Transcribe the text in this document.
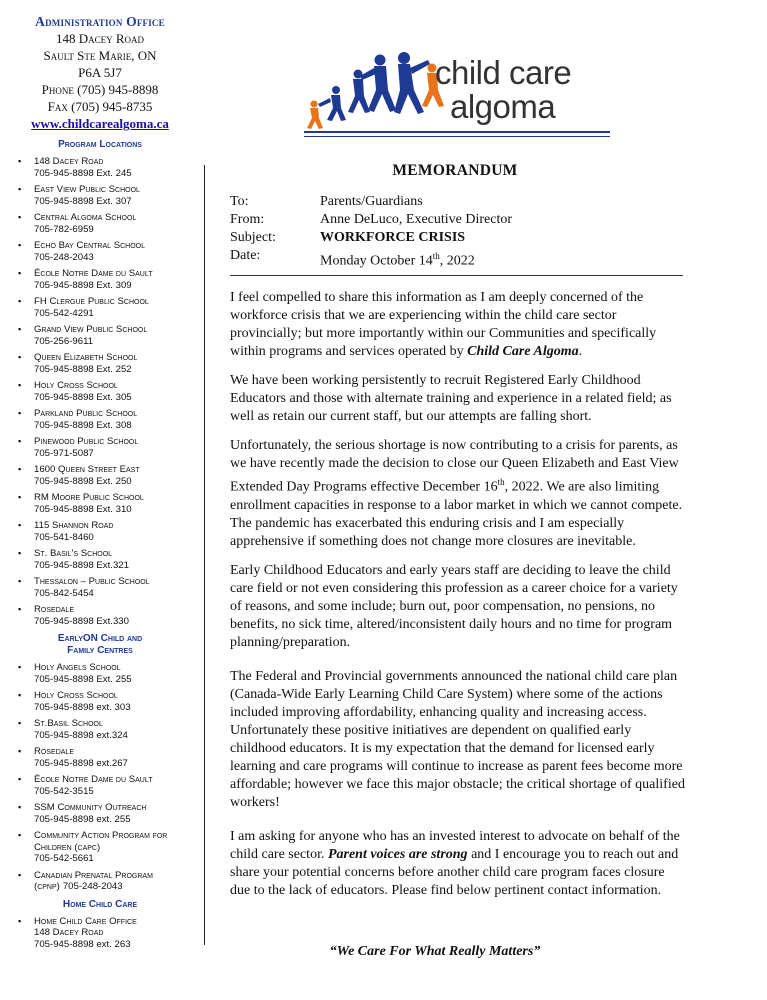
Administration Office
148 Dacey Road
Sault Ste Marie, ON
P6A 5J7
Phone (705) 945-8898
Fax (705) 945-8735
www.childcarealgoma.ca
Program Locations
▪ 148 Dacey Road
705-945-8898 Ext. 245
▪ East View Public School
705-945-8898 Ext. 307
▪ Central Algoma School
705-782-6959
▪ Echo Bay Central School
705-248-2043
▪ École Notre Dame du Sault
705-945-8898 Ext. 309
▪ FH Clergue Public School
705-542-4291
▪ Grand View Public School
705-256-9611
▪ Queen Elizabeth School
705-945-8898 Ext. 252
▪ Holy Cross School
705-945-8898 Ext. 305
▪ Parkland Public School
705-945-8898 Ext. 308
▪ Pinewood Public School
705-971-5087
▪ 1600 Queen Street East
705-945-8898 Ext. 250
▪ RM Moore Public School
705-945-8898 Ext. 310
▪ 115 Shannon Road
705-541-8460
▪ St. Basil's School
705-945-8898 Ext.321
▪ Thessalon – Public School
705-842-5454
▪ Rosedale
705-945-8898 Ext.330
EarlyON Child and
Family Centres
▪ Holy Angels School
705-945-8898 Ext. 255
▪ Holy Cross School
705-945-8898 ext. 303
▪ St.Basil School
705-945-8898 ext.324
▪ Rosedale
705-945-8898 ext.267
▪ École Notre Dame du Sault
705-542-3515
▪ SSM Community Outreach
705-945-8898 ext. 255
▪ Community Action Program for Children (capc)
705-542-5661
▪ Canadian Prenatal Program (cpnp) 705-248-2043
Home Child Care
▪ Home Child Care Office
148 Dacey Road
705-945-8898 ext. 263
child care
algoma
MEMORANDUM
To:	Parents/Guardians
From:	Anne DeLuco, Executive Director
Subject:	WORKFORCE CRISIS
Date:	Monday October 14th, 2022

I feel compelled to share this information as I am deeply concerned of the workforce crisis that we are experiencing within the child care sector provincially; but more importantly within our Communities and specifically within programs and services operated by Child Care Algoma.

We have been working persistently to recruit Registered Early Childhood Educators and those with alternate training and experience in a related field; as well as retain our current staff, but our attempts are falling short.

Unfortunately, the serious shortage is now contributing to a crisis for parents, as we have recently made the decision to close our Queen Elizabeth and East View Extended Day Programs effective December 16th, 2022. We are also limiting enrollment capacities in response to a labor market in which we cannot compete. The pandemic has exacerbated this enduring crisis and I am especially apprehensive if something does not change more closures are inevitable.

Early Childhood Educators and early years staff are deciding to leave the child care field or not even considering this profession as a career choice for a variety of reasons, and some include; burn out, poor compensation, no pensions, no benefits, no sick time, altered/inconsistent daily hours and no time for program planning/preparation.

The Federal and Provincial governments announced the national child care plan (Canada-Wide Early Learning Child Care System) where some of the actions included improving affordability, enhancing quality and increasing access. Unfortunately these positive initiatives are dependent on qualified early childhood educators. It is my expectation that the demand for licensed early learning and care programs will continue to increase as parent fees become more affordable; however we face this major obstacle; the critical shortage of qualified workers!

I am asking for anyone who has an invested interest to advocate on behalf of the child care sector. Parent voices are strong and I encourage you to reach out and share your potential concerns before another child care program faces closure due to the lack of educators. Please find below pertinent contact information.

“We Care For What Really Matters”
